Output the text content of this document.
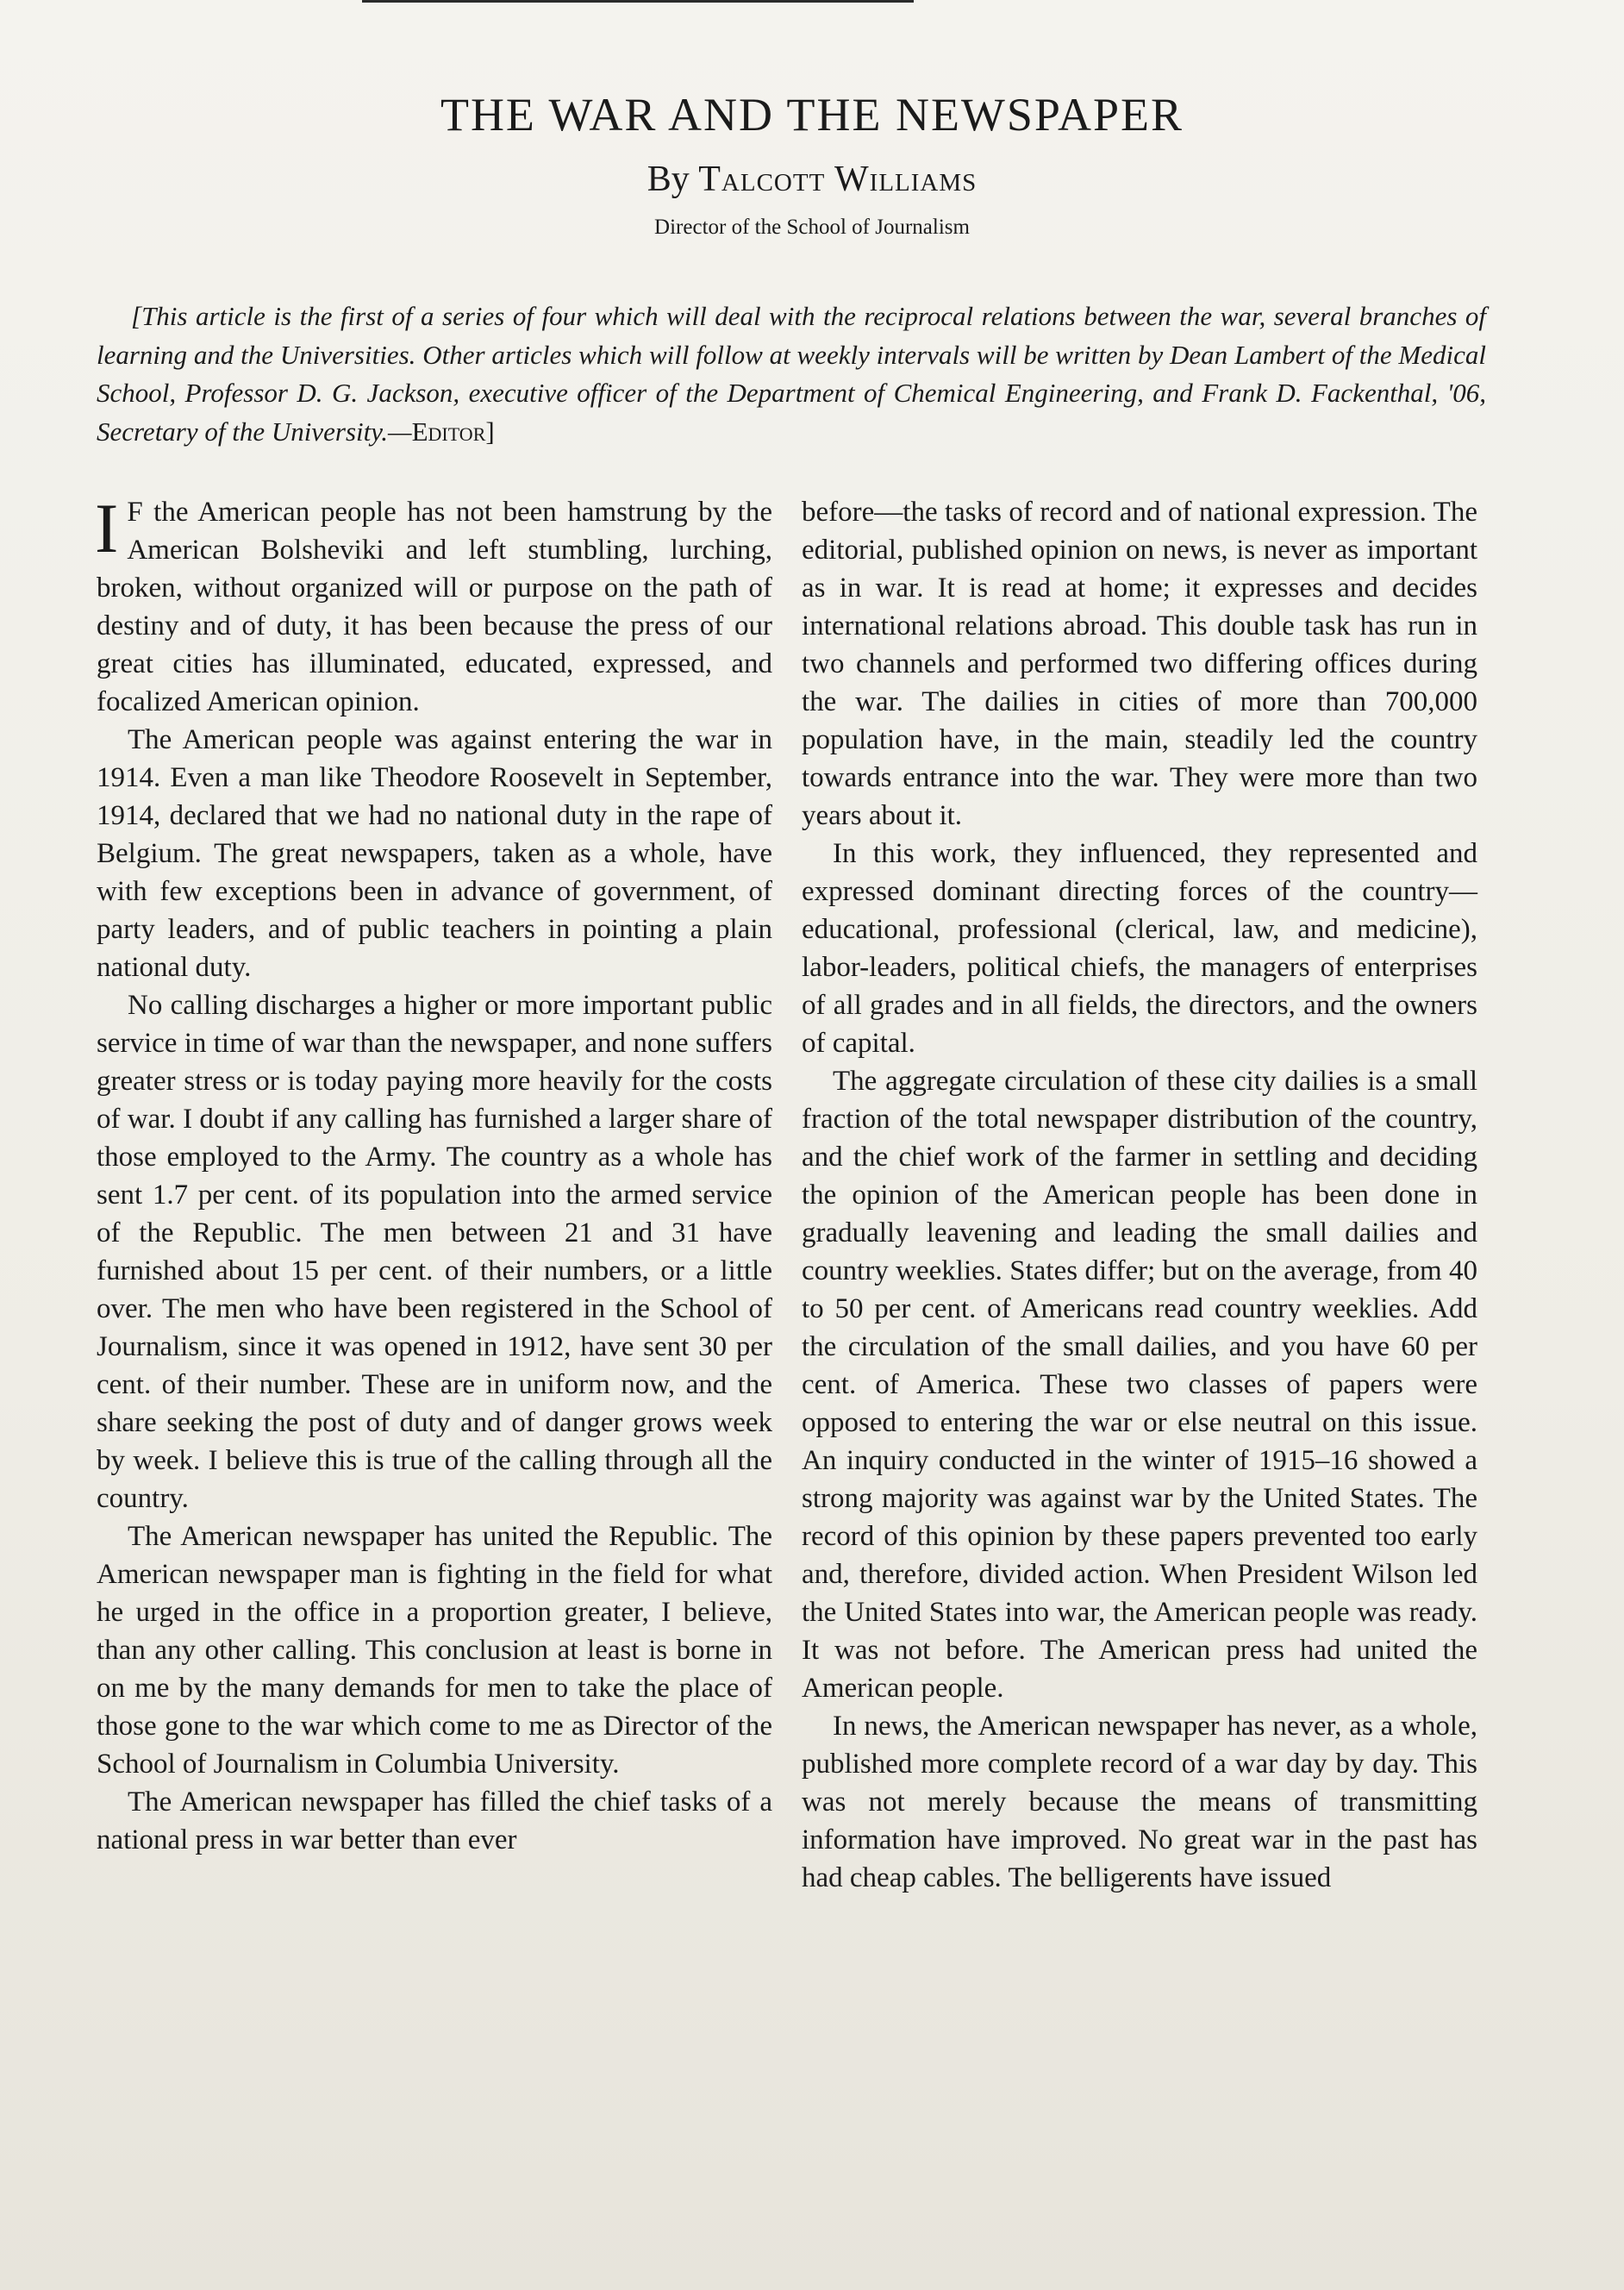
THE WAR AND THE NEWSPAPER
By Talcott Williams
Director of the School of Journalism

[This article is the first of a series of four which will deal with the reciprocal relations between the war, several branches of learning and the Universities. Other articles which will follow at weekly intervals will be written by Dean Lambert of the Medical School, Professor D. G. Jackson, executive officer of the Department of Chemical Engineering, and Frank D. Fackenthal, '06, Secretary of the University.—Editor]

I F the American people has not been hamstrung by the American Bolsheviki and left stumbling, lurching, broken, without organized will or purpose on the path of destiny and of duty, it has been because the press of our great cities has illuminated, educated, expressed, and focalized American opinion.

The American people was against entering the war in 1914. Even a man like Theodore Roosevelt in September, 1914, declared that we had no national duty in the rape of Belgium. The great newspapers, taken as a whole, have with few exceptions been in advance of government, of party leaders, and of public teachers in pointing a plain national duty.

No calling discharges a higher or more important public service in time of war than the newspaper, and none suffers greater stress or is today paying more heavily for the costs of war. I doubt if any calling has furnished a larger share of those employed to the Army. The country as a whole has sent 1.7 per cent. of its population into the armed service of the Republic. The men between 21 and 31 have furnished about 15 per cent. of their numbers, or a little over. The men who have been registered in the School of Journalism, since it was opened in 1912, have sent 30 per cent. of their number. These are in uniform now, and the share seeking the post of duty and of danger grows week by week. I believe this is true of the calling through all the country.

The American newspaper has united the Republic. The American newspaper man is fighting in the field for what he urged in the office in a proportion greater, I believe, than any other calling. This conclusion at least is borne in on me by the many demands for men to take the place of those gone to the war which come to me as Director of the School of Journalism in Columbia University.

The American newspaper has filled the chief tasks of a national press in war better than ever

before—the tasks of record and of national expression. The editorial, published opinion on news, is never as important as in war. It is read at home; it expresses and decides international relations abroad. This double task has run in two channels and performed two differing offices during the war. The dailies in cities of more than 700,000 population have, in the main, steadily led the country towards entrance into the war. They were more than two years about it.

In this work, they influenced, they represented and expressed dominant directing forces of the country—educational, professional (clerical, law, and medicine), labor-leaders, political chiefs, the managers of enterprises of all grades and in all fields, the directors, and the owners of capital.

The aggregate circulation of these city dailies is a small fraction of the total newspaper distribution of the country, and the chief work of the farmer in settling and deciding the opinion of the American people has been done in gradually leavening and leading the small dailies and country weeklies. States differ; but on the average, from 40 to 50 per cent. of Americans read country weeklies. Add the circulation of the small dailies, and you have 60 per cent. of America. These two classes of papers were opposed to entering the war or else neutral on this issue. An inquiry conducted in the winter of 1915–16 showed a strong majority was against war by the United States. The record of this opinion by these papers prevented too early and, therefore, divided action. When President Wilson led the United States into war, the American people was ready. It was not before. The American press had united the American people.

In news, the American newspaper has never, as a whole, published more complete record of a war day by day. This was not merely because the means of transmitting information have improved. No great war in the past has had cheap cables. The belligerents have issued
